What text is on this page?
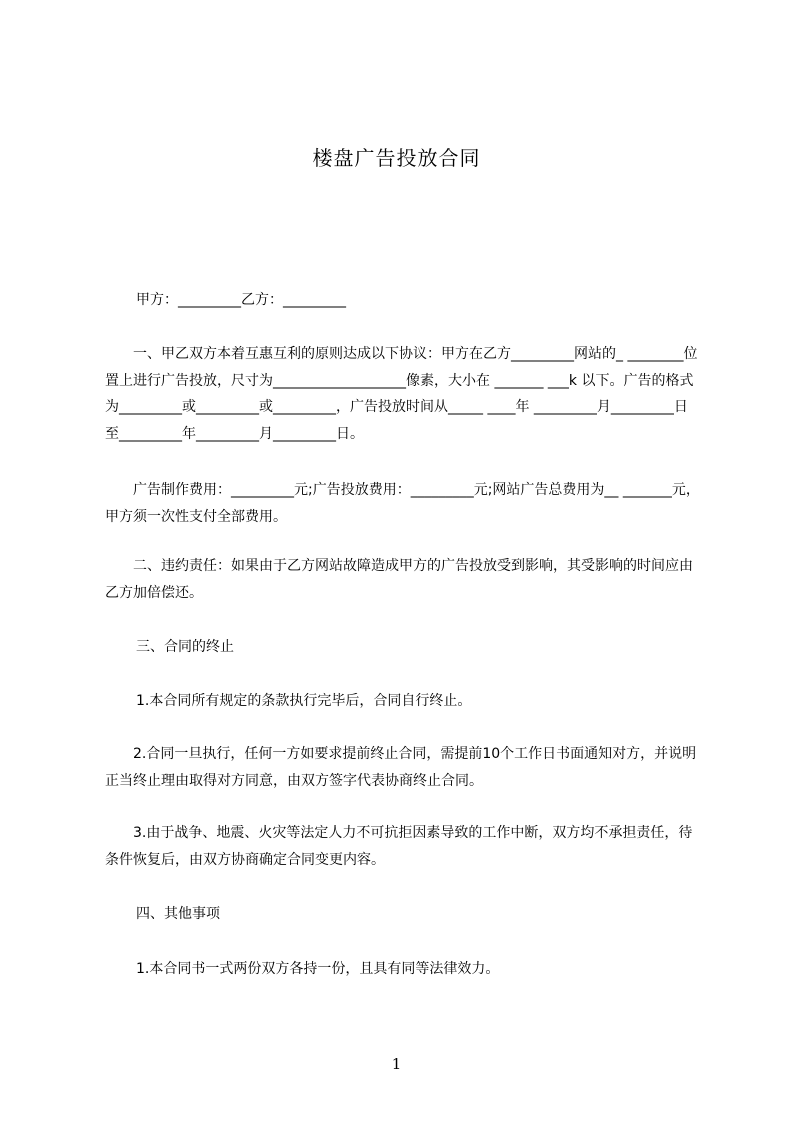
楼盘广告投放合同
甲方：_________乙方：_________
一、甲乙双方本着互惠互利的原则达成以下协议：甲方在乙方_________网站的_ ________位置上进行广告投放，尺寸为___________________像素，大小在 _______ ___k 以下。广告的格式为_________或_________或_________，广告投放时间从_____ ____年 _________月_________日至_________年_________月_________日。
广告制作费用：_________元;广告投放费用：_________元;网站广告总费用为__ _______元，甲方须一次性支付全部费用。
二、违约责任：如果由于乙方网站故障造成甲方的广告投放受到影响，其受影响的时间应由乙方加倍偿还。
三、合同的终止
1.本合同所有规定的条款执行完毕后，合同自行终止。
2.合同一旦执行，任何一方如要求提前终止合同，需提前10个工作日书面通知对方，并说明正当终止理由取得对方同意，由双方签字代表协商终止合同。
3.由于战争、地震、火灾等法定人力不可抗拒因素导致的工作中断，双方均不承担责任，待条件恢复后，由双方协商确定合同变更内容。
四、其他事项
1.本合同书一式两份双方各持一份，且具有同等法律效力。
1
